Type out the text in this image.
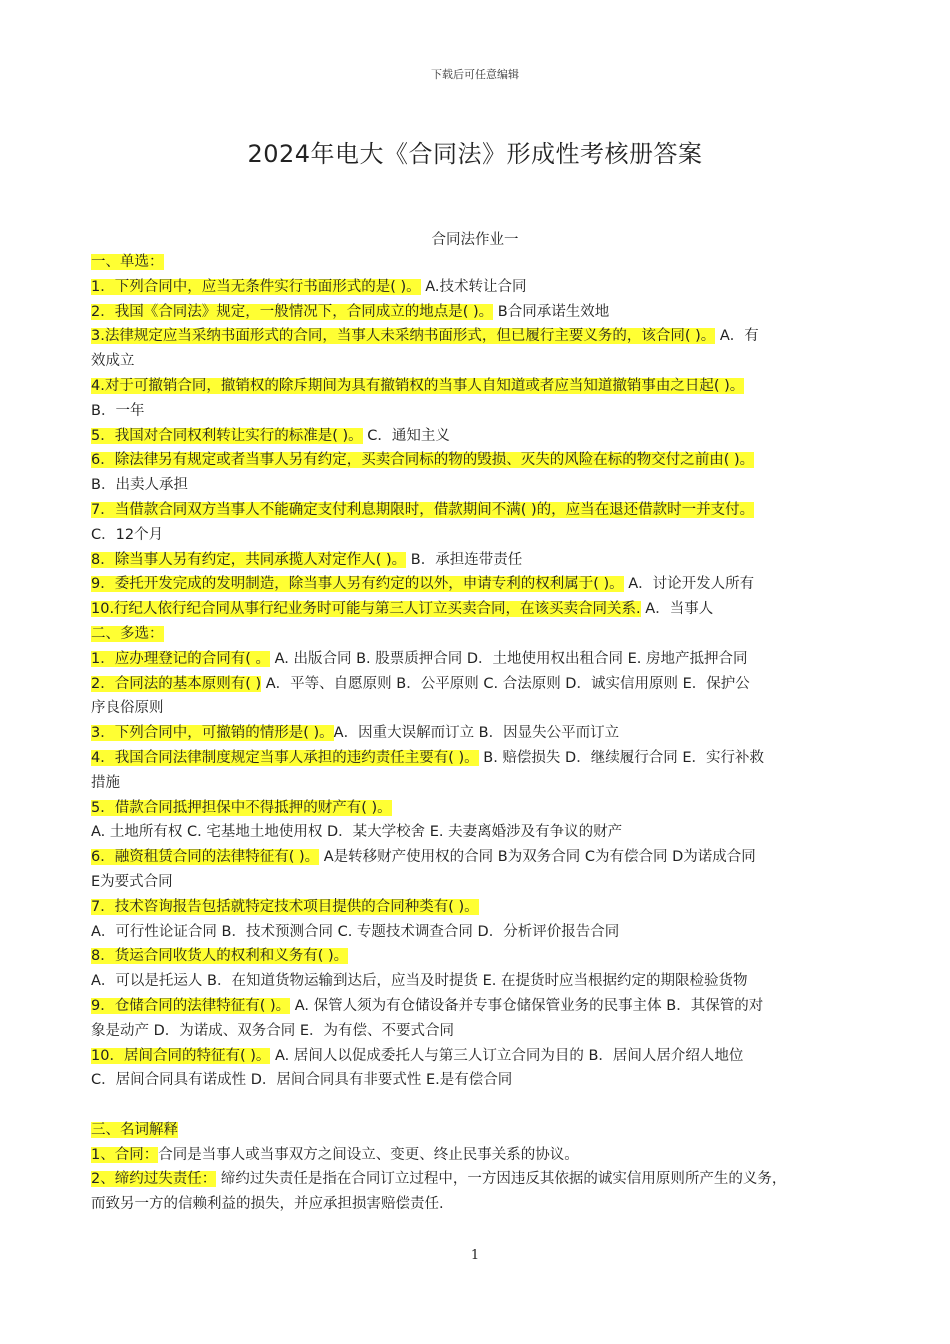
下载后可任意编辑
2024年电大《合同法》形成性考核册答案
合同法作业一
一、单选：
1．下列合同中，应当无条件实行书面形式的是( )。 A.技术转让合同
2．我国《合同法》规定，一般情况下，合同成立的地点是( )。 B合同承诺生效地
3.法律规定应当采纳书面形式的合同，当事人未采纳书面形式，但已履行主要义务的，该合同( )。 A．有
效成立
4.对于可撤销合同，撤销权的除斥期间为具有撤销权的当事人自知道或者应当知道撤销事由之日起( )。
B．一年
5．我国对合同权利转让实行的标准是( )。 C．通知主义
6．除法律另有规定或者当事人另有约定，买卖合同标的物的毁损、灭失的风险在标的物交付之前由( )。
B．出卖人承担
7．当借款合同双方当事人不能确定支付利息期限时，借款期间不满( )的，应当在退还借款时一并支付。
C．12个月
8．除当事人另有约定，共同承揽人对定作人( )。 B．承担连带责任
9．委托开发完成的发明制造，除当事人另有约定的以外，申请专利的权利属于( )。 A．讨论开发人所有
10.行纪人依行纪合同从事行纪业务时可能与第三人订立买卖合同，在该买卖合同关系. A．当事人
二、多选：
1．应办理登记的合同有( 。 A. 出版合同 B. 股票质押合同 D．土地使用权出租合同 E. 房地产抵押合同
2．合同法的基本原则有( ) A．平等、自愿原则 B．公平原则 C. 合法原则 D．诚实信用原则 E．保护公
序良俗原则
3．下列合同中，可撤销的情形是( )。A．因重大误解而订立 B．因显失公平而订立
4．我国合同法律制度规定当事人承担的违约责任主要有( )。 B. 赔偿损失 D．继续履行合同 E．实行补救
措施
5．借款合同抵押担保中不得抵押的财产有( )。
A. 土地所有权 C. 宅基地土地使用权 D．某大学校舍 E. 夫妻离婚涉及有争议的财产
6．融资租赁合同的法律特征有( )。 A是转移财产使用权的合同 B为双务合同 C为有偿合同 D为诺成合同
E为要式合同
7．技术咨询报告包括就特定技术项目提供的合同种类有( )。
A．可行性论证合同 B．技术预测合同 C. 专题技术调查合同 D．分析评价报告合同
8．货运合同收货人的权利和义务有( )。
A．可以是托运人 B．在知道货物运输到达后，应当及时提货 E. 在提货时应当根据约定的期限检验货物
9．仓储合同的法律特征有( )。 A. 保管人须为有仓储设备并专事仓储保管业务的民事主体 B．其保管的对
象是动产 D．为诺成、双务合同 E．为有偿、不要式合同
10．居间合同的特征有( )。 A. 居间人以促成委托人与第三人订立合同为目的 B．居间人居介绍人地位
C．居间合同具有诺成性 D．居间合同具有非要式性 E.是有偿合同
三、名词解释
1、合同：合同是当事人或当事双方之间设立、变更、终止民事关系的协议。
2、缔约过失责任： 缔约过失责任是指在合同订立过程中，一方因违反其依据的诚实信用原则所产生的义务，
而致另一方的信赖利益的损失，并应承担损害赔偿责任.
1
